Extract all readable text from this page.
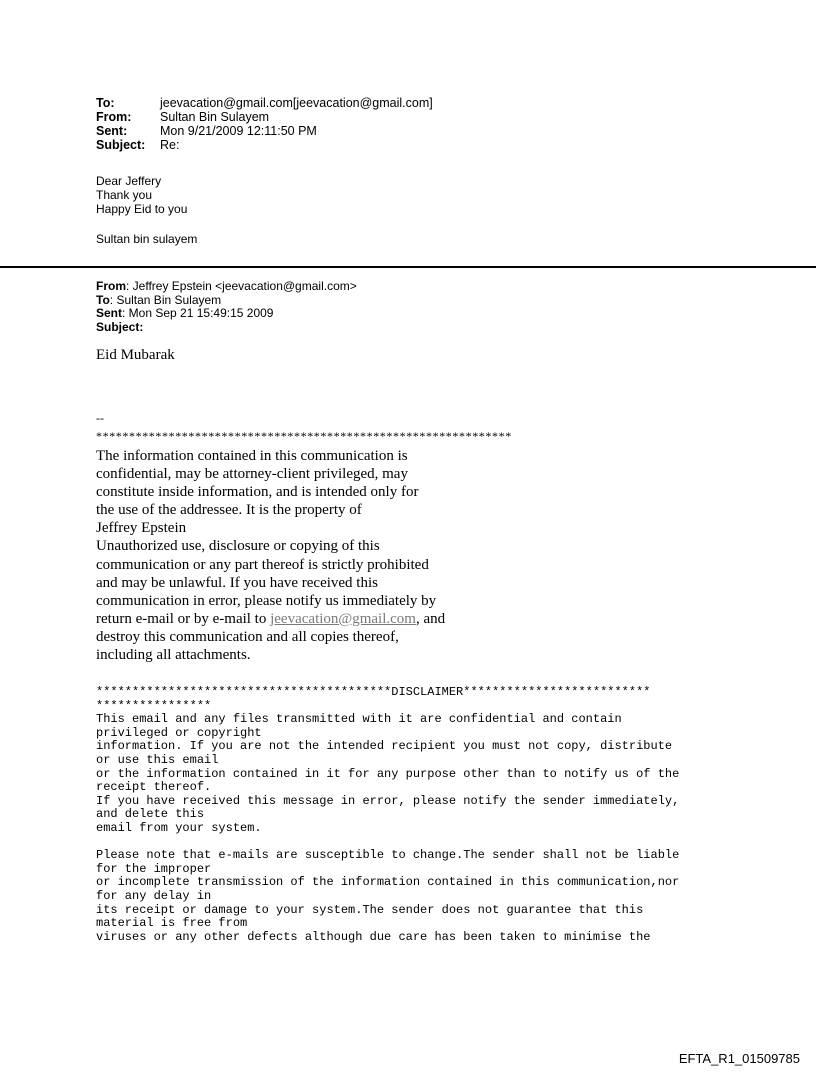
To:	jeevacation@gmail.com[jeevacation@gmail.com]
From:	Sultan Bin Sulayem
Sent:	Mon 9/21/2009 12:11:50 PM
Subject:	Re:
Dear Jeffery
Thank you
Happy Eid to you
Sultan bin sulayem
From: Jeffrey Epstein <jeevacation@gmail.com>
To: Sultan Bin Sulayem
Sent: Mon Sep 21 15:49:15 2009
Subject:
Eid Mubarak
--
***************************************************************
The information contained in this communication is
confidential, may be attorney-client privileged, may
constitute inside information, and is intended only for
the use of the addressee. It is the property of
Jeffrey Epstein
Unauthorized use, disclosure or copying of this
communication or any part thereof is strictly prohibited
and may be unlawful. If you have received this
communication in error, please notify us immediately by
return e-mail or by e-mail to jeevacation@gmail.com, and
destroy this communication and all copies thereof,
including all attachments.
*****************************************DISCLAIMER**************************
****************
This email and any files transmitted with it are confidential and contain
privileged or copyright
information. If you are not the intended recipient you must not copy, distribute
or use this email
or the information contained in it for any purpose other than to notify us of the
receipt thereof.
If you have received this message in error, please notify the sender immediately,
and delete this
email from your system.
Please note that e-mails are susceptible to change.The sender shall not be liable
for the improper
or incomplete transmission of the information contained in this communication,nor
for any delay in
its receipt or damage to your system.The sender does not guarantee that this
material is free from
viruses or any other defects although due care has been taken to minimise the
EFTA_R1_01509785
